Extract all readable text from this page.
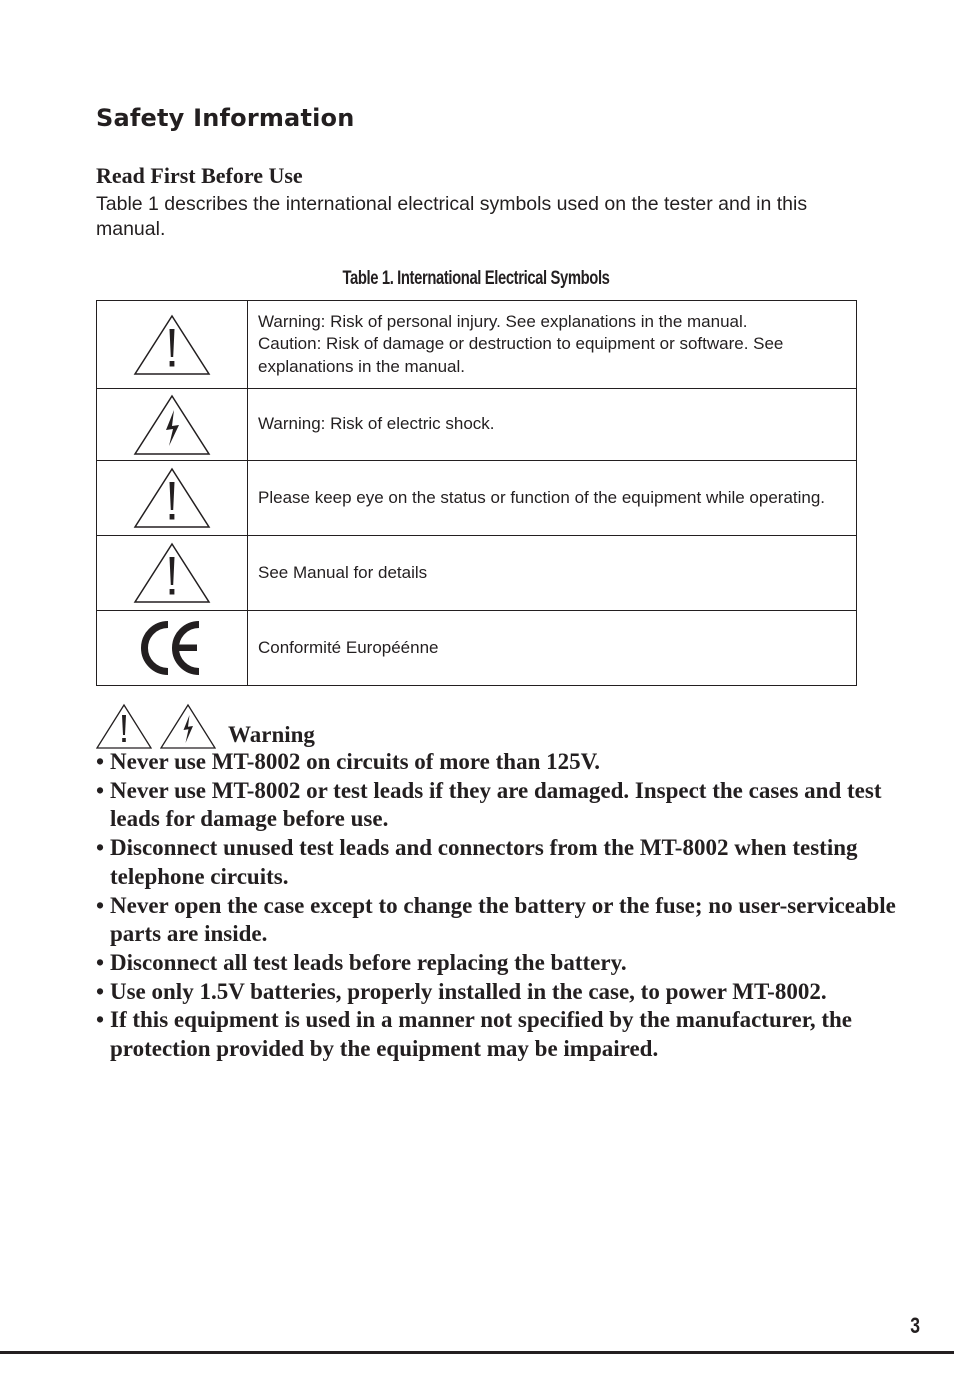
Safety Information
Read First Before Use

Table 1 describes the international electrical symbols used on the tester and in this manual.

Table 1. International Electrical Symbols

Warning: Risk of personal injury. See explanations in the manual.
Caution: Risk of damage or destruction to equipment or software. See explanations in the manual.

Warning: Risk of electric shock.

Please keep eye on the status or function of the equipment while operating.

See Manual for details

Conformité Européénne
Warning
• Never use MT-8002 on circuits of more than 125V.
• Never use MT-8002 or test leads if they are damaged. Inspect the cases and test leads for damage before use.
• Disconnect unused test leads and connectors from the MT-8002 when testing telephone circuits.
• Never open the case except to change the battery or the fuse; no user-serviceable parts are inside.
• Disconnect all test leads before replacing the battery.
• Use only 1.5V batteries, properly installed in the case, to power MT-8002.
• If this equipment is used in a manner not specified by the manufacturer, the protection provided by the equipment may be impaired.
3
